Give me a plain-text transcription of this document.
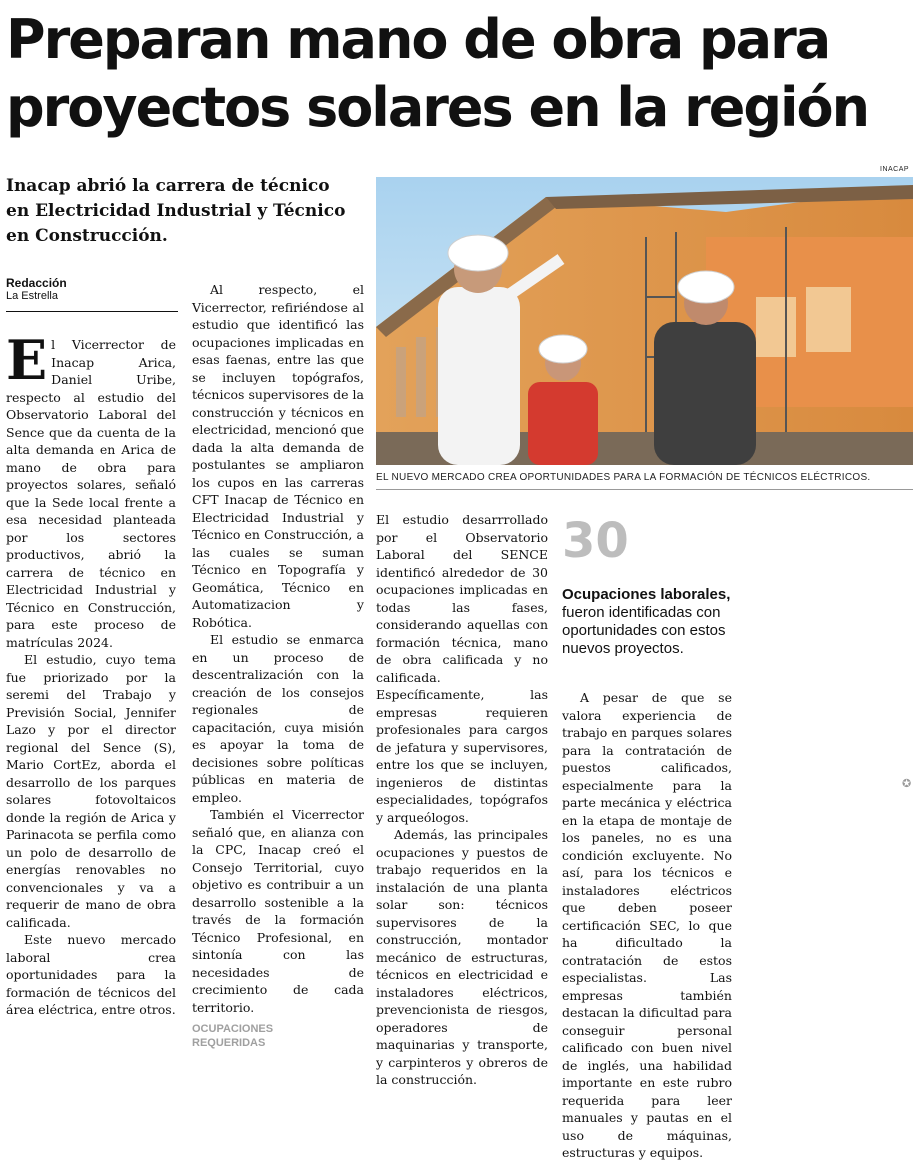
Preparan mano de obra para
proyectos solares en la región
Inacap abrió la carrera de técnico
en Electricidad Industrial y Técnico
en Construcción.
Redacción
La Estrella
INACAP
EL NUEVO MERCADO CREA OPORTUNIDADES PARA LA FORMACIÓN DE TÉCNICOS ELÉCTRICOS.
E l Vicerrector de Inacap Arica, Daniel Uribe, respecto al estudio del Observatorio Laboral del Sence que da cuenta de la alta demanda en Arica de mano de obra para proyectos solares, señaló que la Sede local frente a esa necesidad planteada por los sectores productivos, abrió la carrera de técnico en Electricidad Industrial y Técnico en Construcción, para este proceso de matrículas 2024.

El estudio, cuyo tema fue priorizado por la seremi del Trabajo y Previsión Social, Jennifer Lazo y por el director regional del Sence (S), Mario CortEz, aborda el desarrollo de los parques solares fotovoltaicos donde la región de Arica y Parinacota se perfila como un polo de desarrollo de energías renovables no convencionales y va a requerir de mano de obra calificada.

Este nuevo mercado laboral crea oportunidades para la formación de técnicos del área eléctrica, entre otros.

Al respecto, el Vicerrector, refiriéndose al estudio que identificó las ocupaciones implicadas en esas faenas, entre las que se incluyen topógrafos, técnicos supervisores de la construcción y técnicos en electricidad, mencionó que dada la alta demanda de postulantes se ampliaron los cupos en las carreras CFT Inacap de Técnico en Electricidad Industrial y Técnico en Construcción, a las cuales se suman Técnico en Topografía y Geomática, Técnico en Automatizacion y Robótica.

El estudio se enmarca en un proceso de descentralización con la creación de los consejos regionales de capacitación, cuya misión es apoyar la toma de decisiones sobre políticas públicas en materia de empleo.

También el Vicerrector señaló que, en alianza con la CPC, Inacap creó el Consejo Territorial, cuyo objetivo es contribuir a un desarrollo sostenible a la través de la formación Técnico Profesional, en sintonía con las necesidades de crecimiento de cada territorio.

OCUPACIONES
REQUERIDAS

El estudio desarrrollado por el Observatorio Laboral del SENCE identificó alrededor de 30 ocupaciones implicadas en todas las fases, considerando aquellas con formación técnica, mano de obra calificada y no calificada. Específicamente, las empresas requieren profesionales para cargos de jefatura y supervisores, entre los que se incluyen, ingenieros de distintas especialidades, topógrafos y arqueólogos.

Además, las principales ocupaciones y puestos de trabajo requeridos en la instalación de una planta solar son: técnicos supervisores de la construcción, montador mecánico de estructuras, técnicos en electricidad e instaladores eléctricos, prevencionista de riesgos, operadores de maquinarias y transporte, y carpinteros y obreros de la construcción.

30
Ocupaciones laborales, fueron identificadas con oportunidades con estos nuevos proyectos.

A pesar de que se valora experiencia de trabajo en parques solares para la contratación de puestos calificados, especialmente para la parte mecánica y eléctrica en la etapa de montaje de los paneles, no es una condición excluyente. No así, para los técnicos e instaladores eléctricos que deben poseer certificación SEC, lo que ha dificultado la contratación de estos especialistas. Las empresas también destacan la dificultad para conseguir personal calificado con buen nivel de inglés, una habilidad importante en este rubro requerida para leer manuales y pautas en el uso de máquinas, estructuras y equipos.

✪
